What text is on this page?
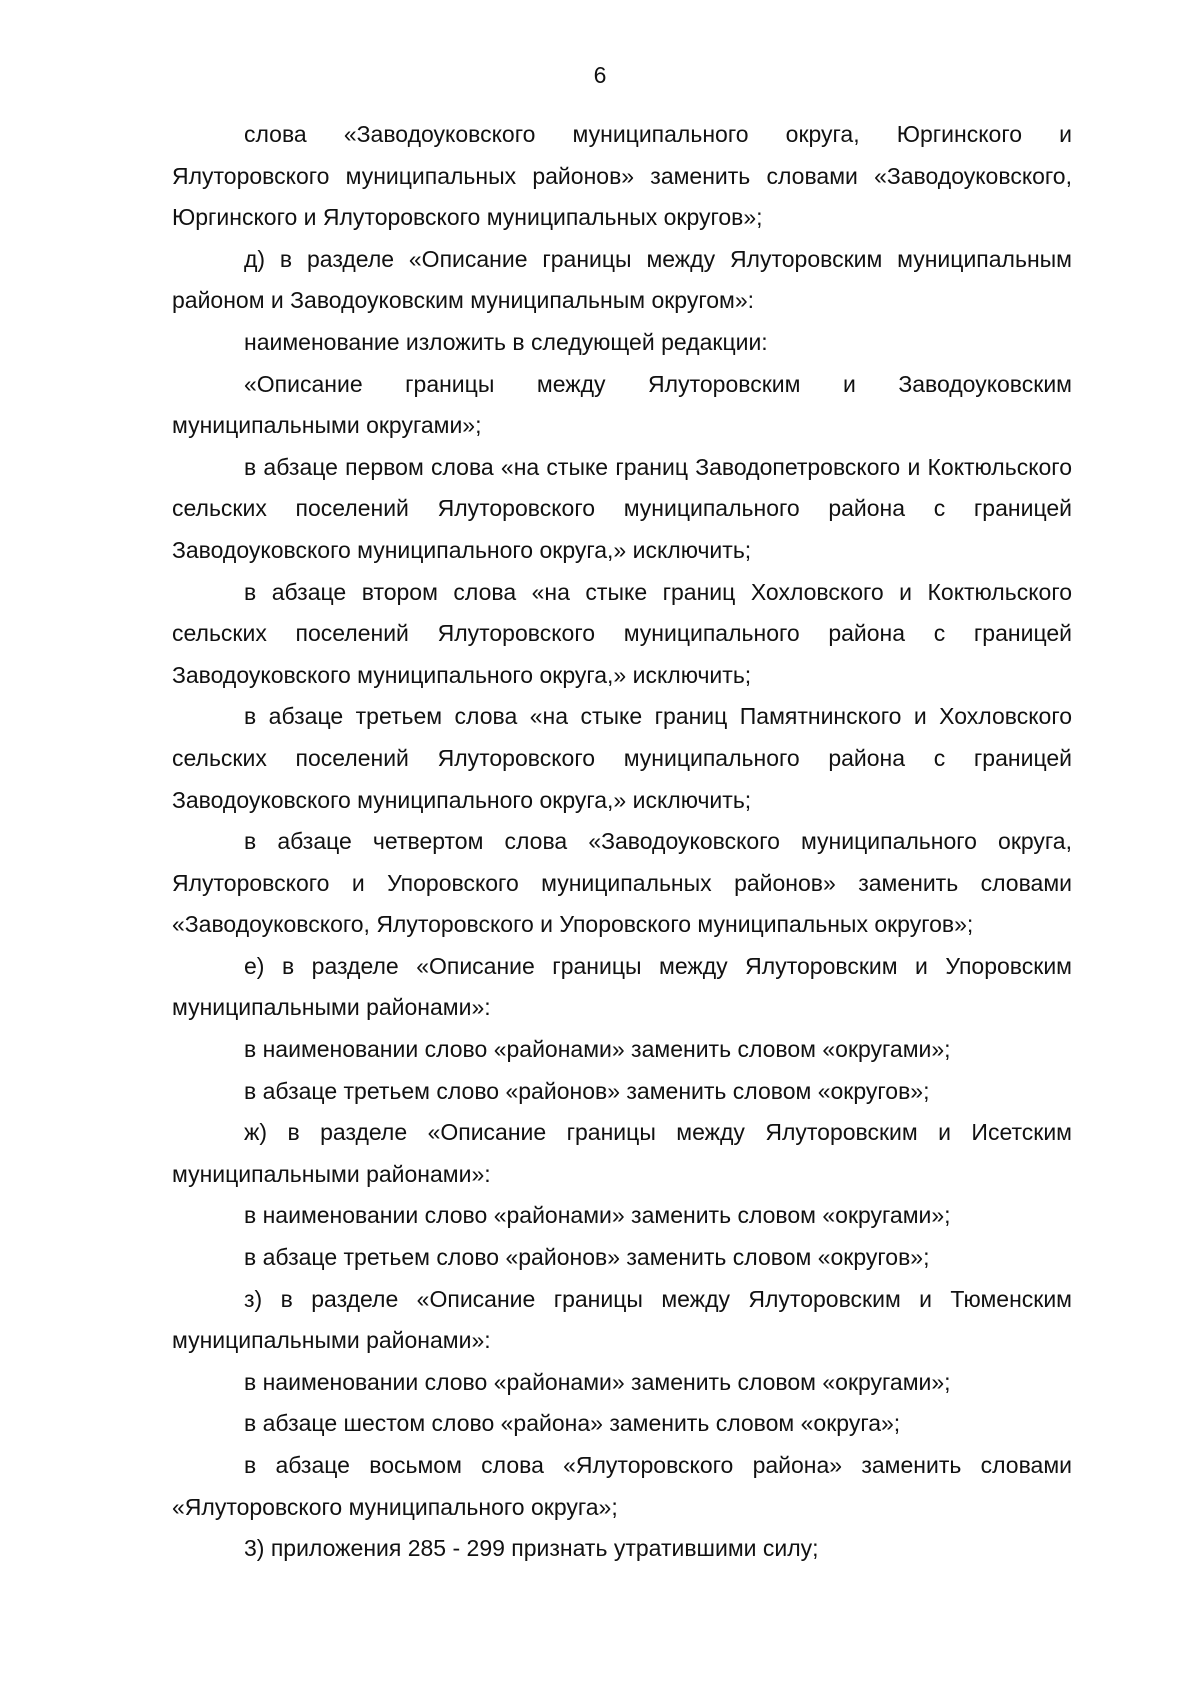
6

слова «Заводоуковского муниципального округа, Юргинского и Ялуторовского муниципальных районов» заменить словами «Заводоуковского, Юргинского и Ялуторовского муниципальных округов»;

д) в разделе «Описание границы между Ялуторовским муниципальным районом и Заводоуковским муниципальным округом»:

наименование изложить в следующей редакции:

«Описание границы между Ялуторовским и Заводоуковским муниципальными округами»;

в абзаце первом слова «на стыке границ Заводопетровского и Коктюльского сельских поселений Ялуторовского муниципального района с границей Заводоуковского муниципального округа,» исключить;

в абзаце втором слова «на стыке границ Хохловского и Коктюльского сельских поселений Ялуторовского муниципального района с границей Заводоуковского муниципального округа,» исключить;

в абзаце третьем слова «на стыке границ Памятнинского и Хохловского сельских поселений Ялуторовского муниципального района с границей Заводоуковского муниципального округа,» исключить;

в абзаце четвертом слова «Заводоуковского муниципального округа, Ялуторовского и Упоровского муниципальных районов» заменить словами «Заводоуковского, Ялуторовского и Упоровского муниципальных округов»;

е) в разделе «Описание границы между Ялуторовским и Упоровским муниципальными районами»:

в наименовании слово «районами» заменить словом «округами»;

в абзаце третьем слово «районов» заменить словом «округов»;

ж) в разделе «Описание границы между Ялуторовским и Исетским муниципальными районами»:

в наименовании слово «районами» заменить словом «округами»;

в абзаце третьем слово «районов» заменить словом «округов»;

з) в разделе «Описание границы между Ялуторовским и Тюменским муниципальными районами»:

в наименовании слово «районами» заменить словом «округами»;

в абзаце шестом слово «района» заменить словом «округа»;

в абзаце восьмом слова «Ялуторовского района» заменить словами «Ялуторовского муниципального округа»;

3) приложения 285 - 299 признать утратившими силу;
